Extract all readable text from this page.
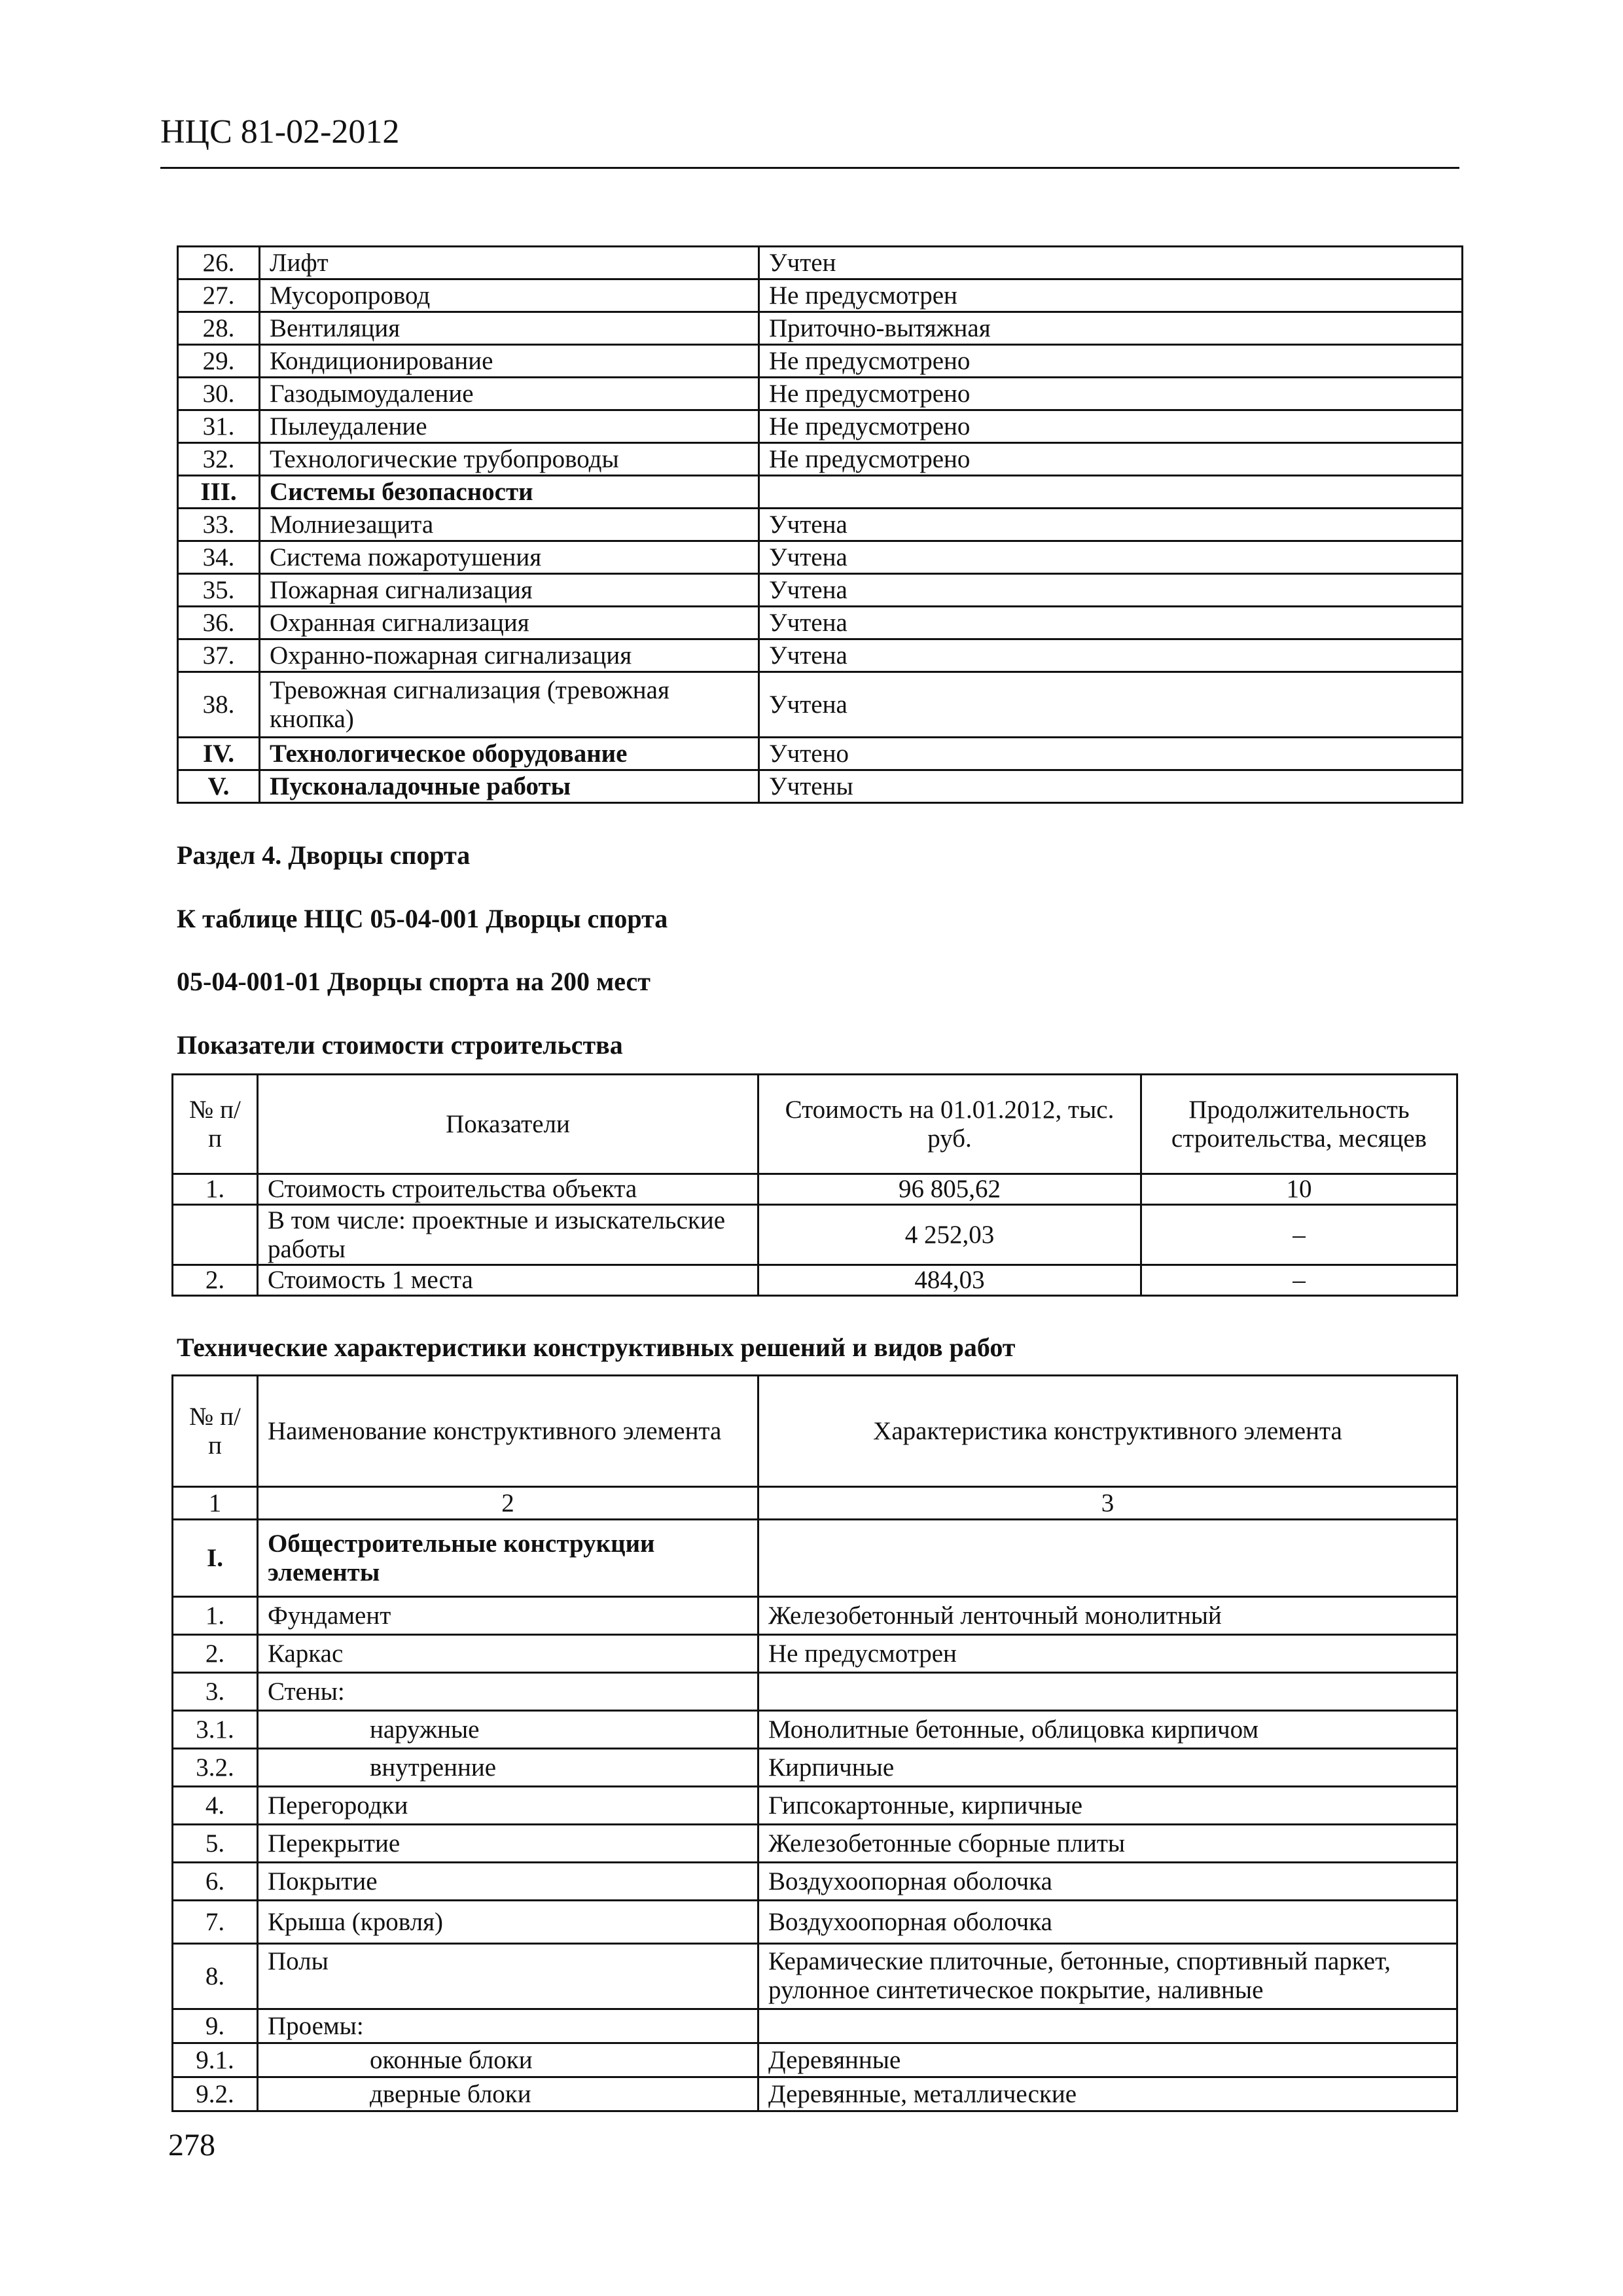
НЦС 81-02-2012
26.	Лифт	Учтен
27.	Мусоропровод	Не предусмотрен
28.	Вентиляция	Приточно-вытяжная
29.	Кондиционирование	Не предусмотрено
30.	Газодымоудаление	Не предусмотрено
31.	Пылеудаление	Не предусмотрено
32.	Технологические трубопроводы	Не предусмотрено
III.	Системы безопасности	
33.	Молниезащита	Учтена
34.	Система пожаротушения	Учтена
35.	Пожарная сигнализация	Учтена
36.	Охранная сигнализация	Учтена
37.	Охранно-пожарная сигнализация	Учтена
38.	Тревожная сигнализация (тревожная кнопка)	Учтена
IV.	Технологическое оборудование	Учтено
V.	Пусконаладочные работы	Учтены
Раздел 4. Дворцы спорта
К таблице НЦС 05-04-001 Дворцы спорта
05-04-001-01 Дворцы спорта на 200 мест
Показатели стоимости строительства
№ п/п	Показатели	Стоимость на 01.01.2012, тыс. руб.	Продолжительность строительства, месяцев
1.	Стоимость строительства объекта	96 805,62	10
	В том числе: проектные и изыскательские работы	4 252,03	–
2.	Стоимость 1 места	484,03	–
Технические характеристики конструктивных решений и видов работ
№ п/п	Наименование конструктивного элемента	Характеристика конструктивного элемента
1	2	3
I.	Общестроительные конструкции элементы	
1.	Фундамент	Железобетонный ленточный монолитный
2.	Каркас	Не предусмотрен
3.	Стены:	
3.1.	наружные	Монолитные бетонные, облицовка кирпичом
3.2.	внутренние	Кирпичные
4.	Перегородки	Гипсокартонные, кирпичные
5.	Перекрытие	Железобетонные сборные плиты
6.	Покрытие	Воздухоопорная оболочка
7.	Крыша (кровля)	Воздухоопорная оболочка
8.	Полы	Керамические плиточные, бетонные, спортивный паркет, рулонное синтетическое покрытие, наливные
9.	Проемы:	
9.1.	оконные блоки	Деревянные
9.2.	дверные блоки	Деревянные, металлические
278
